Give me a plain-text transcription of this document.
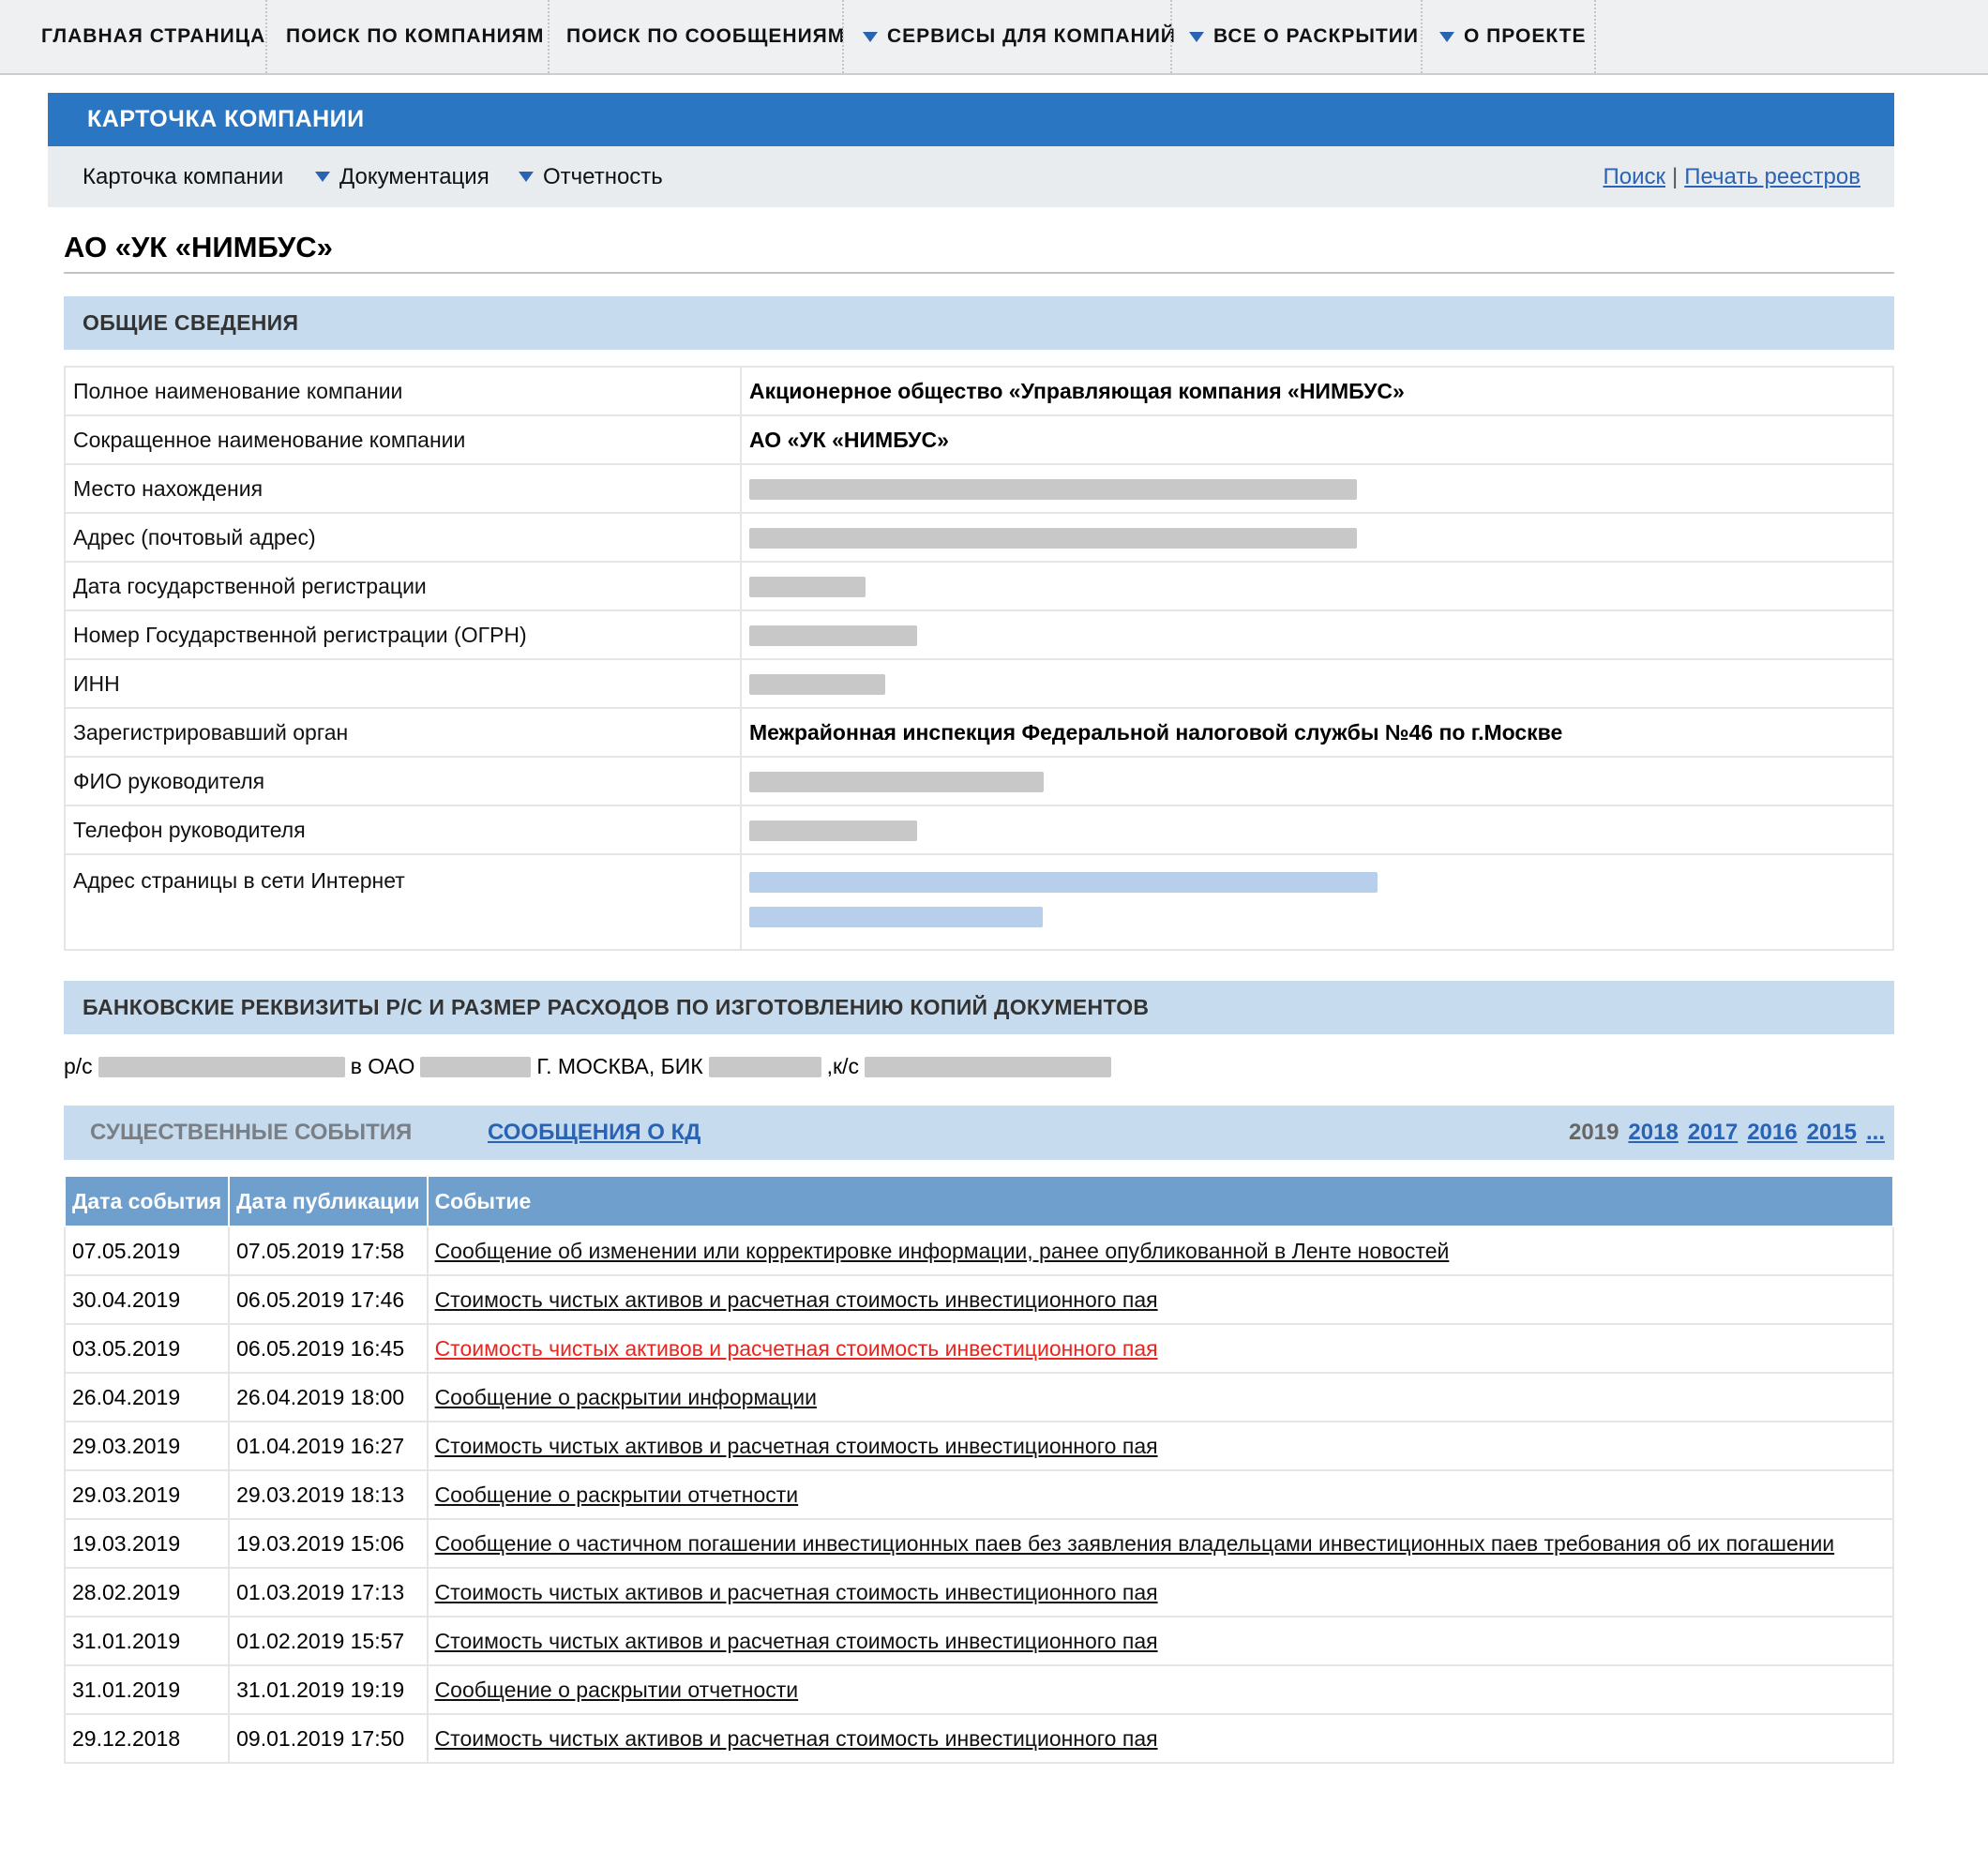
ГЛАВНАЯ СТРАНИЦА ПОИСК ПО КОМПАНИЯМ ПОИСК ПО СООБЩЕНИЯМ СЕРВИСЫ ДЛЯ КОМПАНИЙ ВСЕ О РАСКРЫТИИ О ПРОЕКТЕ
КАРТОЧКА КОМПАНИИ
Карточка компании Документация Отчетность	Поиск | Печать реестров
АО «УК «НИМБУС»
ОБЩИЕ СВЕДЕНИЯ
Полное наименование компании	Акционерное общество «Управляющая компания «НИМБУС»
Сокращенное наименование компании	АО «УК «НИМБУС»
Место нахождения	
Адрес (почтовый адрес)	
Дата государственной регистрации	
Номер Государственной регистрации (ОГРН)	
ИНН	
Зарегистрировавший орган	Межрайонная инспекция Федеральной налоговой службы №46 по г.Москве
ФИО руководителя	
Телефон руководителя	
Адрес страницы в сети Интернет	

БАНКОВСКИЕ РЕКВИЗИТЫ Р/С И РАЗМЕР РАСХОДОВ ПО ИЗГОТОВЛЕНИЮ КОПИЙ ДОКУМЕНТОВ
р/с	в ОАО	Г. МОСКВА, БИК	,к/с
СУЩЕСТВЕННЫЕ СОБЫТИЯ	СООБЩЕНИЯ О КД	2019 2018 2017 2016 2015 ...
Дата события	Дата публикации	Событие
07.05.2019	07.05.2019 17:58	Сообщение об изменении или корректировке информации, ранее опубликованной в Ленте новостей
30.04.2019	06.05.2019 17:46	Стоимость чистых активов и расчетная стоимость инвестиционного пая
03.05.2019	06.05.2019 16:45	Стоимость чистых активов и расчетная стоимость инвестиционного пая
26.04.2019	26.04.2019 18:00	Сообщение о раскрытии информации
29.03.2019	01.04.2019 16:27	Стоимость чистых активов и расчетная стоимость инвестиционного пая
29.03.2019	29.03.2019 18:13	Сообщение о раскрытии отчетности
19.03.2019	19.03.2019 15:06	Сообщение о частичном погашении инвестиционных паев без заявления владельцами инвестиционных паев требования об их погашении
28.02.2019	01.03.2019 17:13	Стоимость чистых активов и расчетная стоимость инвестиционного пая
31.01.2019	01.02.2019 15:57	Стоимость чистых активов и расчетная стоимость инвестиционного пая
31.01.2019	31.01.2019 19:19	Сообщение о раскрытии отчетности
29.12.2018	09.01.2019 17:50	Стоимость чистых активов и расчетная стоимость инвестиционного пая
